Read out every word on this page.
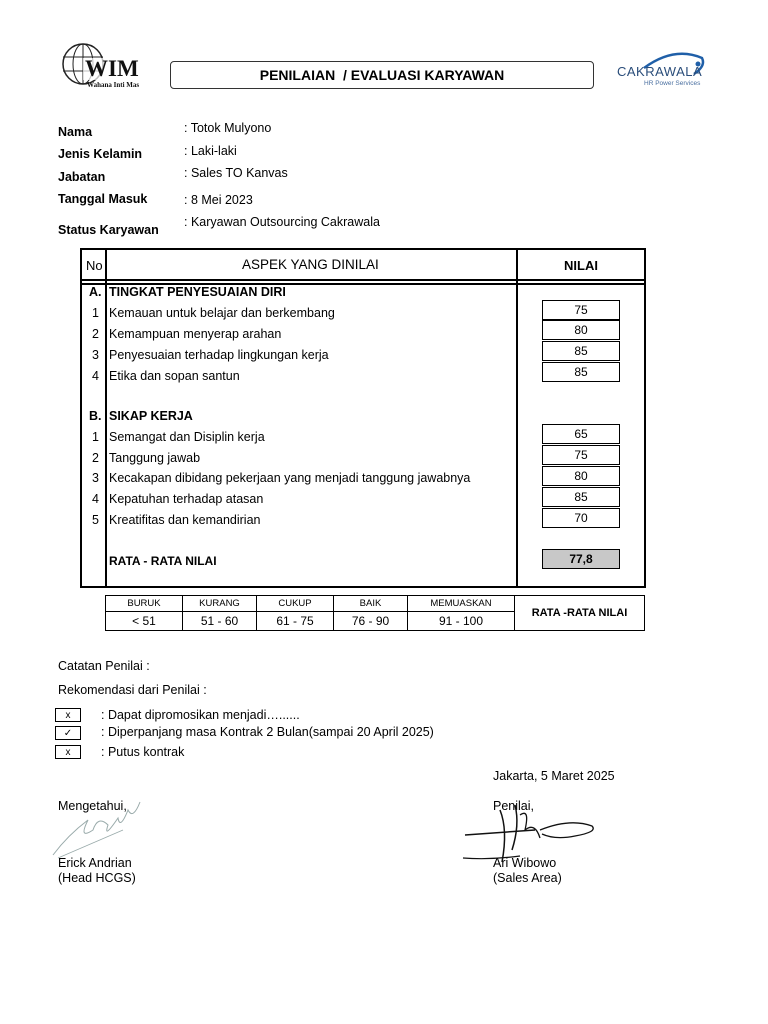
WIM
Wahana Inti Mas
PENILAIAN  / EVALUASI KARYAWAN	CAKRAWALA
HR Power Services
Nama	: Totok Mulyono
Jenis Kelamin	: Laki-laki
Jabatan	: Sales TO Kanvas
Tanggal Masuk	: 8 Mei 2023
Status Karyawan
: Karyawan Outsourcing Cakrawala
No	ASPEK YANG DINILAI	NILAI
A. TINGKAT PENYESUAIAN DIRI
1 Kemauan untuk belajar dan berkembang	75
2 Kemampuan menyerap arahan	80
3 Penyesuaian terhadap lingkungan kerja	85
4 Etika dan sopan santun	85
B. SIKAP KERJA
1 Semangat dan Disiplin kerja	65
2 Tanggung jawab	75
3 Kecakapan dibidang pekerjaan yang menjadi tanggung jawabnya	80
4 Kepatuhan terhadap atasan	85
5 Kreatifitas dan kemandirian	70
RATA - RATA NILAI	77,8
BURUK	KURANG	CUKUP	BAIK	MEMUASKAN	RATA -RATA NILAI
< 51	51 - 60	61 - 75	76 - 90	91 - 100	
Catatan Penilai :
Rekomendasi dari Penilai :
x	: Dapat dipromosikan menjadi…......
✓	: Diperpanjang masa Kontrak 2 Bulan(sampai 20 April 2025)
x	: Putus kontrak
Jakarta, 5 Maret 2025
Mengetahui,
Erick Andrian
(Head HCGS)
Penilai,
Ari Wibowo
(Sales Area)
